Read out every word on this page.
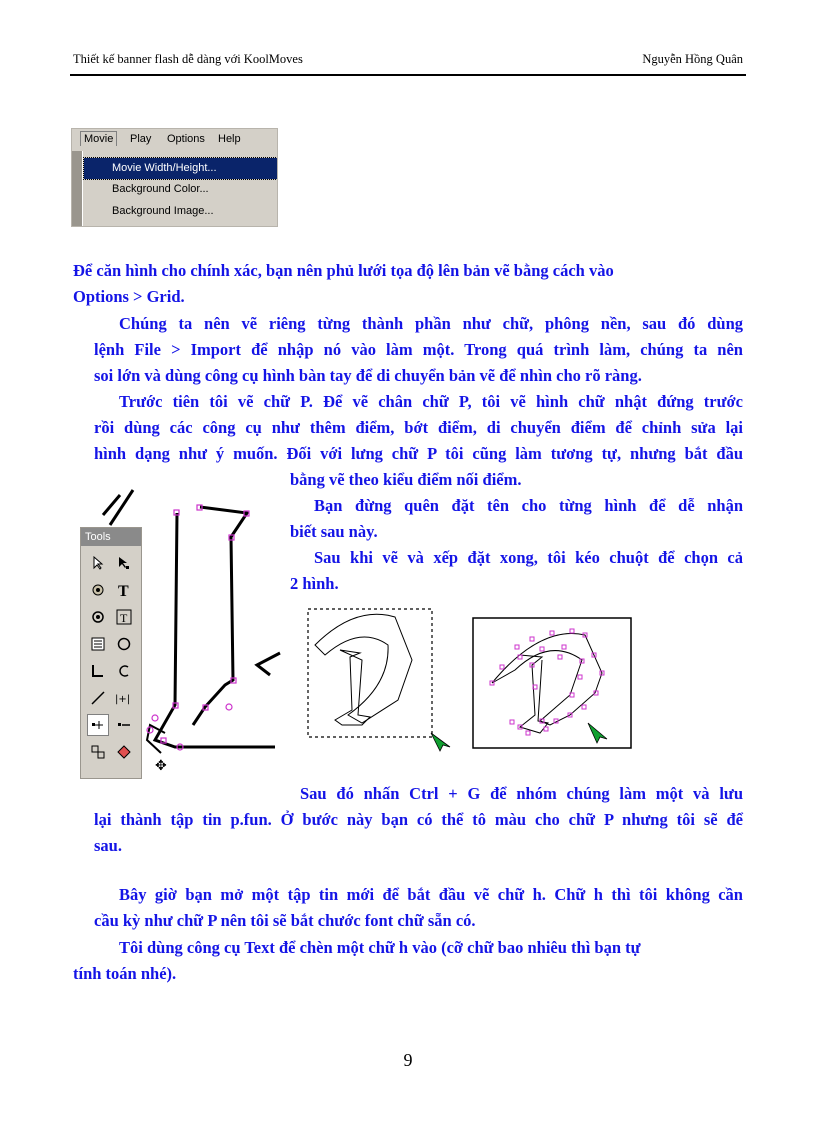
Thiết kế banner flash dễ dàng với KoolMoves	Nguyễn Hồng Quân
Movie	Play Options Help
Movie Width/Height...
Background Color...
Background Image...
Để căn hình cho chính xác, bạn nên phủ lưới tọa độ lên bản vẽ bằng cách vào
Options > Grid.
Chúng ta nên vẽ riêng từng thành phần như chữ, phông nền, sau đó dùng
lệnh File > Import để nhập nó vào làm một. Trong quá trình làm, chúng ta nên
soi lớn và dùng công cụ hình bàn tay để di chuyển bản vẽ để nhìn cho rõ ràng.
Trước tiên tôi vẽ chữ P. Để vẽ chân chữ P, tôi vẽ hình chữ nhật đứng trước
rồi dùng các công cụ như thêm điểm, bớt điểm, di chuyển điểm để chỉnh sửa lại
hình dạng như ý muốn. Đối với lưng chữ P tôi cũng làm tương tự, nhưng bắt đầu
bằng vẽ theo kiểu điểm nối điểm.
Bạn đừng quên đặt tên cho từng hình để dễ nhận
biết sau này.
Sau khi vẽ và xếp đặt xong, tôi kéo chuột để chọn cả
2 hình.
Sau đó nhấn Ctrl + G để nhóm chúng làm một và lưu
lại thành tập tin p.fun. Ở bước này bạn có thể tô màu cho chữ P nhưng tôi sẽ để
sau.
Bây giờ bạn mở một tập tin mới để bắt đầu vẽ chữ h. Chữ h thì tôi không cần
cầu kỳ như chữ P nên tôi sẽ bắt chước font chữ sẵn có.
Tôi dùng công cụ Text để chèn một chữ h vào (cỡ chữ bao nhiêu thì bạn tự
tính toán nhé).
✥
Tools
T
T
|+|
9
